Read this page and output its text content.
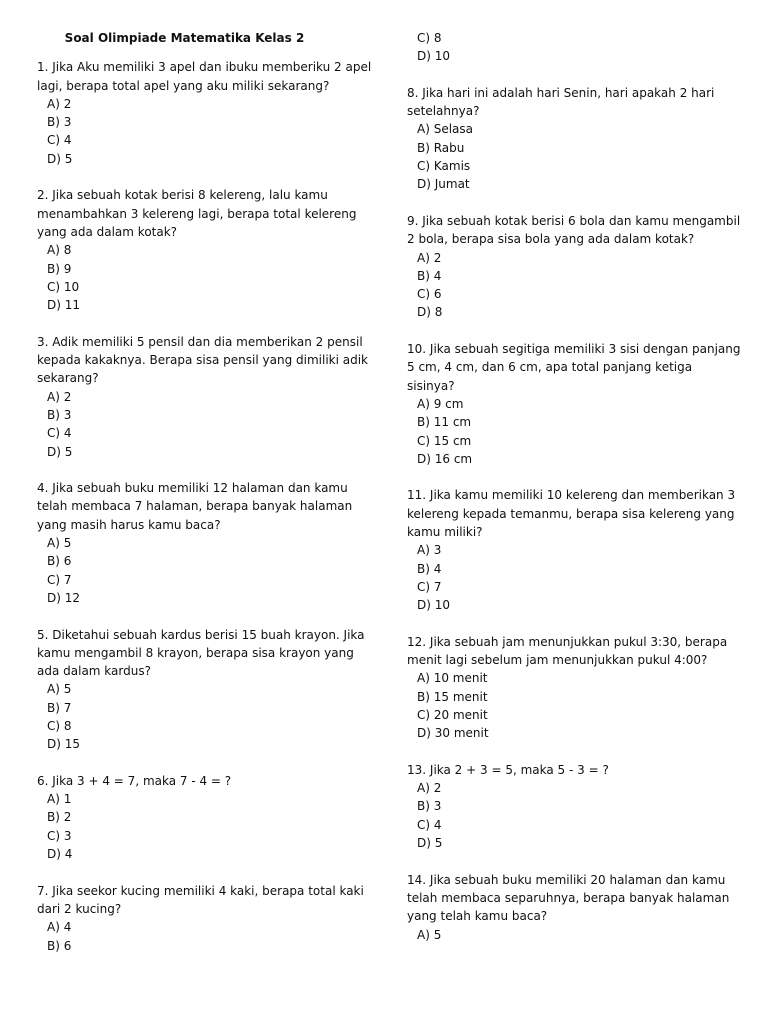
Soal Olimpiade Matematika Kelas 2

1. Jika Aku memiliki 3 apel dan ibuku memberiku 2 apel lagi, berapa total apel yang aku miliki sekarang?

A) 2
B) 3
C) 4
D) 5

2. Jika sebuah kotak berisi 8 kelereng, lalu kamu menambahkan 3 kelereng lagi, berapa total kelereng yang ada dalam kotak?

A) 8
B) 9
C) 10
D) 11

3. Adik memiliki 5 pensil dan dia memberikan 2 pensil kepada kakaknya. Berapa sisa pensil yang dimiliki adik sekarang?

A) 2
B) 3
C) 4
D) 5

4. Jika sebuah buku memiliki 12 halaman dan kamu telah membaca 7 halaman, berapa banyak halaman yang masih harus kamu baca?

A) 5
B) 6
C) 7
D) 12

5. Diketahui sebuah kardus berisi 15 buah krayon. Jika kamu mengambil 8 krayon, berapa sisa krayon yang ada dalam kardus?

A) 5
B) 7
C) 8
D) 15

6. Jika 3 + 4 = 7, maka 7 - 4 = ?

A) 1
B) 2
C) 3
D) 4

7. Jika seekor kucing memiliki 4 kaki, berapa total kaki dari 2 kucing?

A) 4
B) 6
C) 8
D) 10

8. Jika hari ini adalah hari Senin, hari apakah 2 hari setelahnya?

A) Selasa
B) Rabu
C) Kamis
D) Jumat

9. Jika sebuah kotak berisi 6 bola dan kamu mengambil 2 bola, berapa sisa bola yang ada dalam kotak?

A) 2
B) 4
C) 6
D) 8

10. Jika sebuah segitiga memiliki 3 sisi dengan panjang 5 cm, 4 cm, dan 6 cm, apa total panjang ketiga sisinya?

A) 9 cm
B) 11 cm
C) 15 cm
D) 16 cm

11. Jika kamu memiliki 10 kelereng dan memberikan 3 kelereng kepada temanmu, berapa sisa kelereng yang kamu miliki?

A) 3
B) 4
C) 7
D) 10

12. Jika sebuah jam menunjukkan pukul 3:30, berapa menit lagi sebelum jam menunjukkan pukul 4:00?

A) 10 menit
B) 15 menit
C) 20 menit
D) 30 menit

13. Jika 2 + 3 = 5, maka 5 - 3 = ?

A) 2
B) 3
C) 4
D) 5

14. Jika sebuah buku memiliki 20 halaman dan kamu telah membaca separuhnya, berapa banyak halaman yang telah kamu baca?

A) 5
